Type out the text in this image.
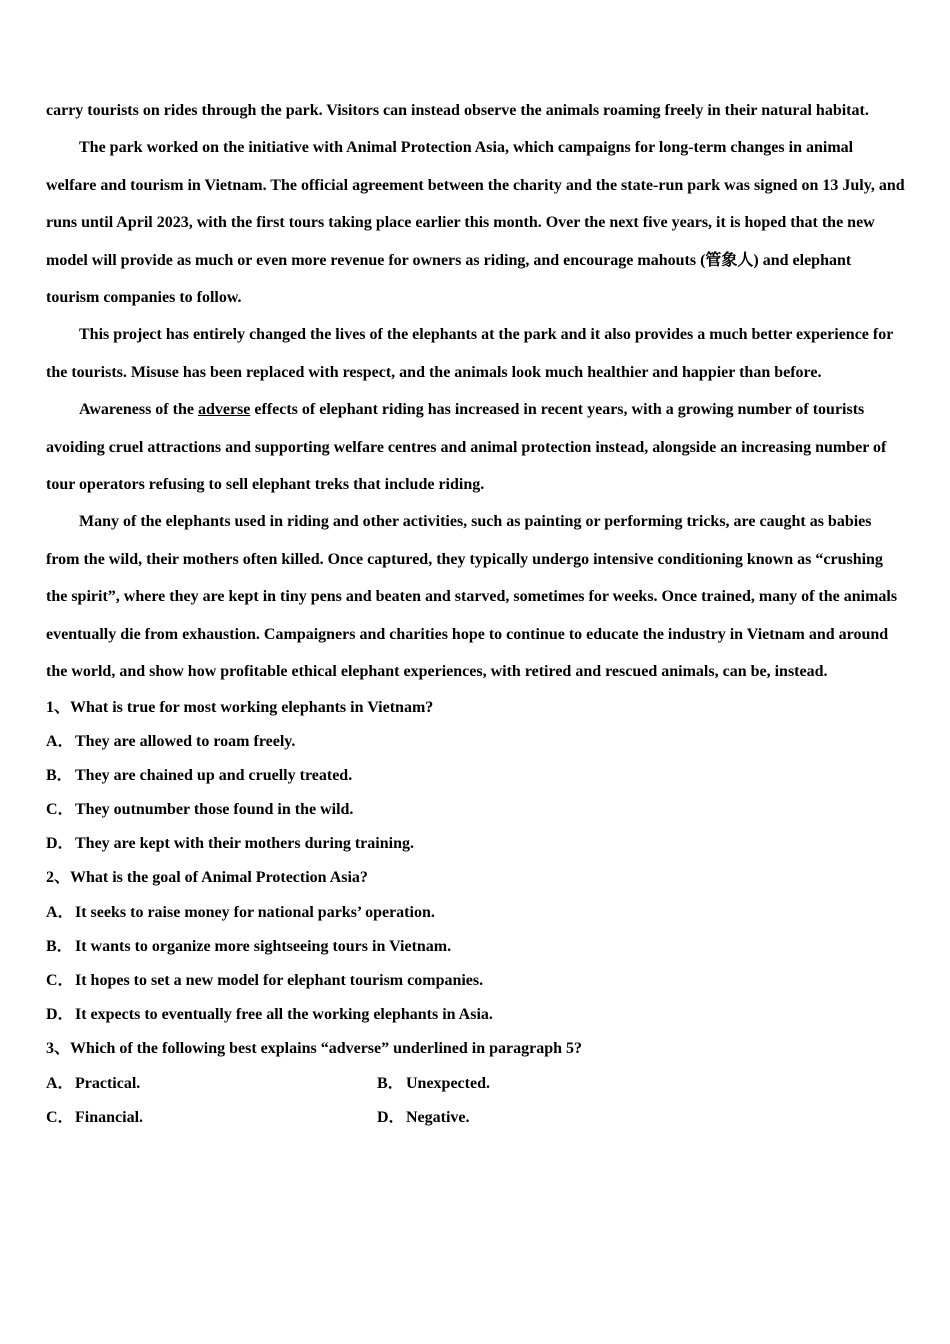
carry tourists on rides through the park. Visitors can instead observe the animals roaming freely in their natural habitat.

The park worked on the initiative with Animal Protection Asia, which campaigns for long-term changes in animal welfare and tourism in Vietnam. The official agreement between the charity and the state-run park was signed on 13 July, and runs until April 2023, with the first tours taking place earlier this month. Over the next five years, it is hoped that the new model will provide as much or even more revenue for owners as riding, and encourage mahouts (管象人) and elephant tourism companies to follow.

This project has entirely changed the lives of the elephants at the park and it also provides a much better experience for the tourists. Misuse has been replaced with respect, and the animals look much healthier and happier than before.

Awareness of the adverse effects of elephant riding has increased in recent years, with a growing number of tourists avoiding cruel attractions and supporting welfare centres and animal protection instead, alongside an increasing number of tour operators refusing to sell elephant treks that include riding.

Many of the elephants used in riding and other activities, such as painting or performing tricks, are caught as babies from the wild, their mothers often killed. Once captured, they typically undergo intensive conditioning known as “crushing the spirit”, where they are kept in tiny pens and beaten and starved, sometimes for weeks. Once trained, many of the animals eventually die from exhaustion. Campaigners and charities hope to continue to educate the industry in Vietnam and around the world, and show how profitable ethical elephant experiences, with retired and rescued animals, can be, instead.

1、What is true for most working elephants in Vietnam?
A．They are allowed to roam freely.
B． They are chained up and cruelly treated.
C．They outnumber those found in the wild.
D．They are kept with their mothers during training.
2、What is the goal of Animal Protection Asia?
A．It seeks to raise money for national parks’ operation.
B． It wants to organize more sightseeing tours in Vietnam.
C．It hopes to set a new model for elephant tourism companies.
D．It expects to eventually free all the working elephants in Asia.
3、Which of the following best explains “adverse” underlined in paragraph 5?
A．Practical.	B． Unexpected.
C．Financial.	D．Negative.
